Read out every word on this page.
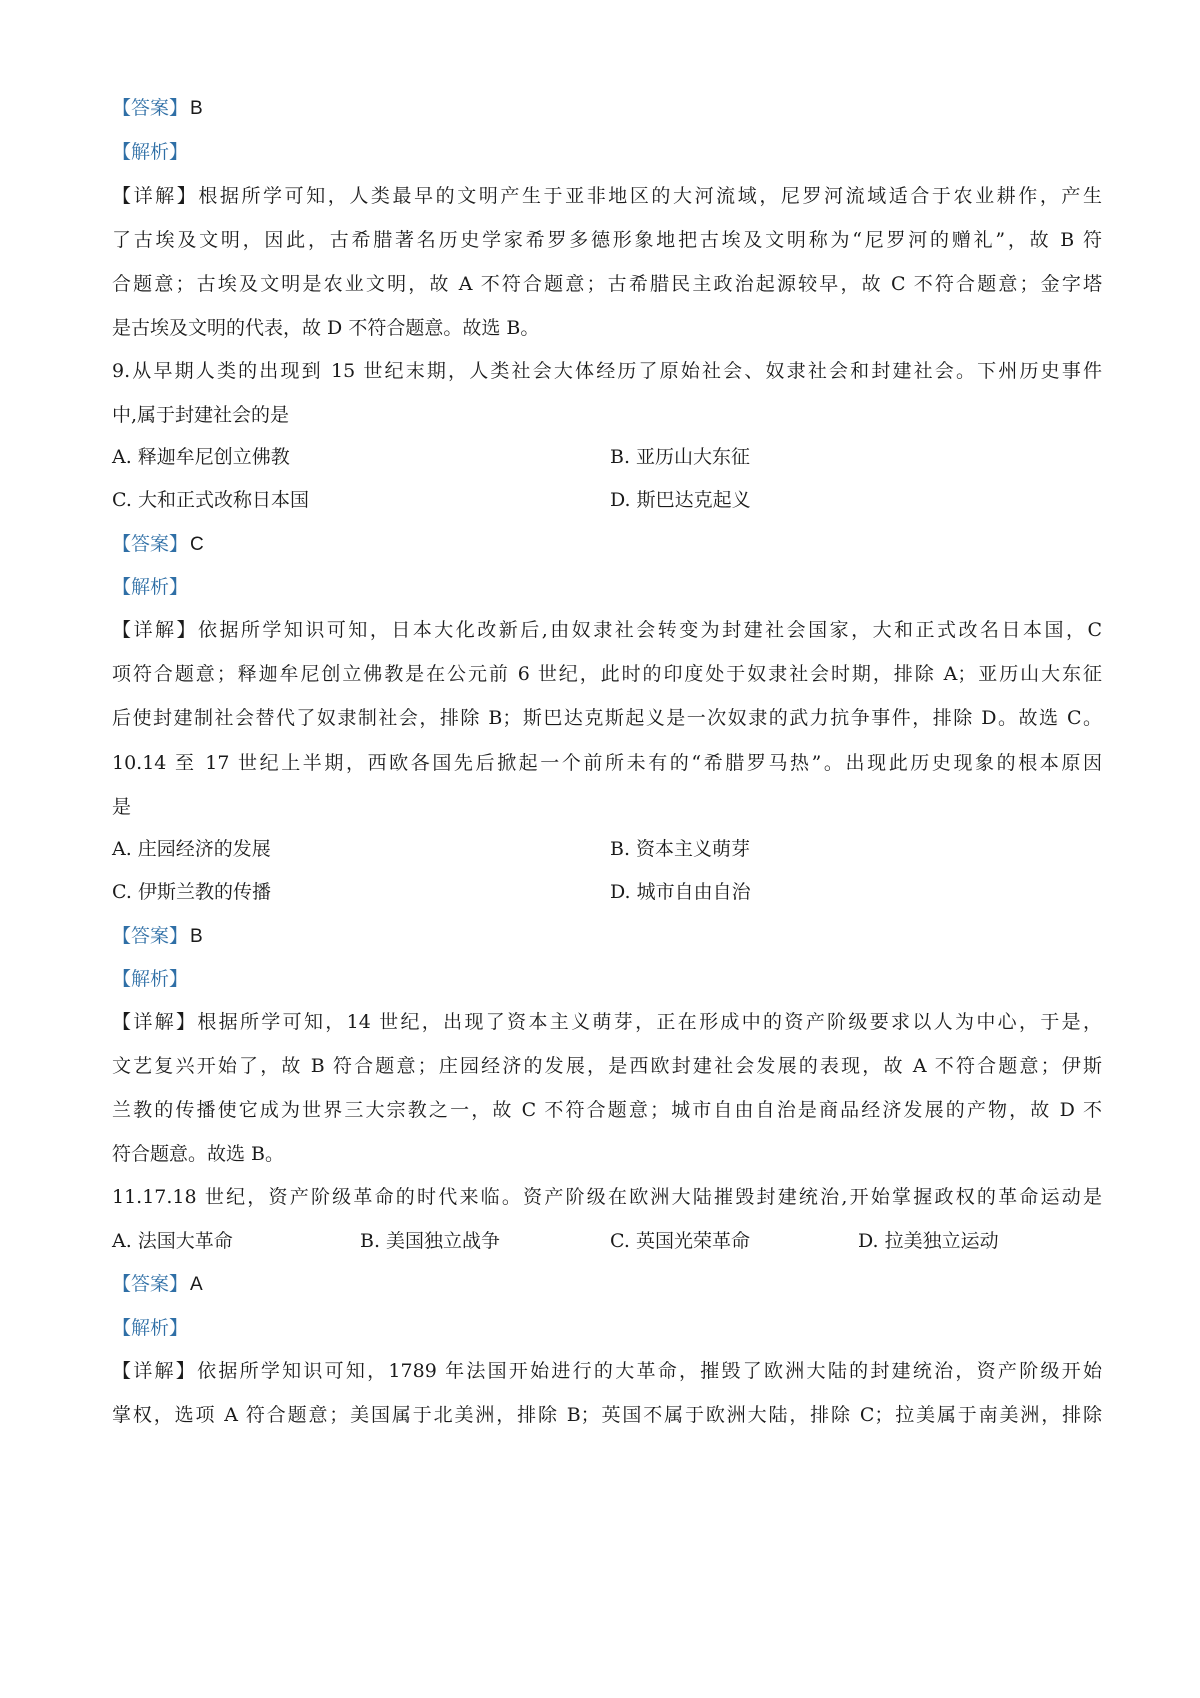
【答案】 B
【解析】
【详解】根据所学可知，人类最早的文明产生于亚非地区的大河流域，尼罗河流域适合于农业耕作，产生
了古埃及文明，因此，古希腊著名历史学家希罗多德形象地把古埃及文明称为“尼罗河的赠礼”，故 B 符
合题意；古埃及文明是农业文明，故 A 不符合题意；古希腊民主政治起源较早，故 C 不符合题意；金字塔
是古埃及文明的代表，故 D 不符合题意。故选 B。
9.从早期人类的出现到 15 世纪末期，人类社会大体经历了原始社会、奴隶社会和封建社会。下州历史事件
中,属于封建社会的是
A. 释迦牟尼创立佛教	B. 亚历山大东征
C. 大和正式改称日本国	D. 斯巴达克起义
【答案】 C
【解析】
【详解】依据所学知识可知，日本大化改新后,由奴隶社会转变为封建社会国家，大和正式改名日本国，C
项符合题意；释迦牟尼创立佛教是在公元前 6 世纪，此时的印度处于奴隶社会时期，排除 A；亚历山大东征
后使封建制社会替代了奴隶制社会，排除 B；斯巴达克斯起义是一次奴隶的武力抗争事件，排除 D。故选 C。
10.14 至 17 世纪上半期，西欧各国先后掀起一个前所未有的“希腊罗马热”。出现此历史现象的根本原因
是
A. 庄园经济的发展	B. 资本主义萌芽
C. 伊斯兰教的传播	D. 城市自由自治
【答案】 B
【解析】
【详解】根据所学可知，14 世纪，出现了资本主义萌芽，正在形成中的资产阶级要求以人为中心，于是，
文艺复兴开始了，故 B 符合题意；庄园经济的发展，是西欧封建社会发展的表现，故 A 不符合题意；伊斯
兰教的传播使它成为世界三大宗教之一，故 C 不符合题意；城市自由自治是商品经济发展的产物，故 D 不
符合题意。故选 B。
11.17.18 世纪，资产阶级革命的时代来临。资产阶级在欧洲大陆摧毁封建统治,开始掌握政权的革命运动是
A. 法国大革命	B. 美国独立战争	C. 英国光荣革命	D. 拉美独立运动
【答案】 A
【解析】
【详解】依据所学知识可知，1789 年法国开始进行的大革命，摧毁了欧洲大陆的封建统治，资产阶级开始
掌权，选项 A 符合题意；美国属于北美洲，排除 B；英国不属于欧洲大陆，排除 C；拉美属于南美洲，排除
